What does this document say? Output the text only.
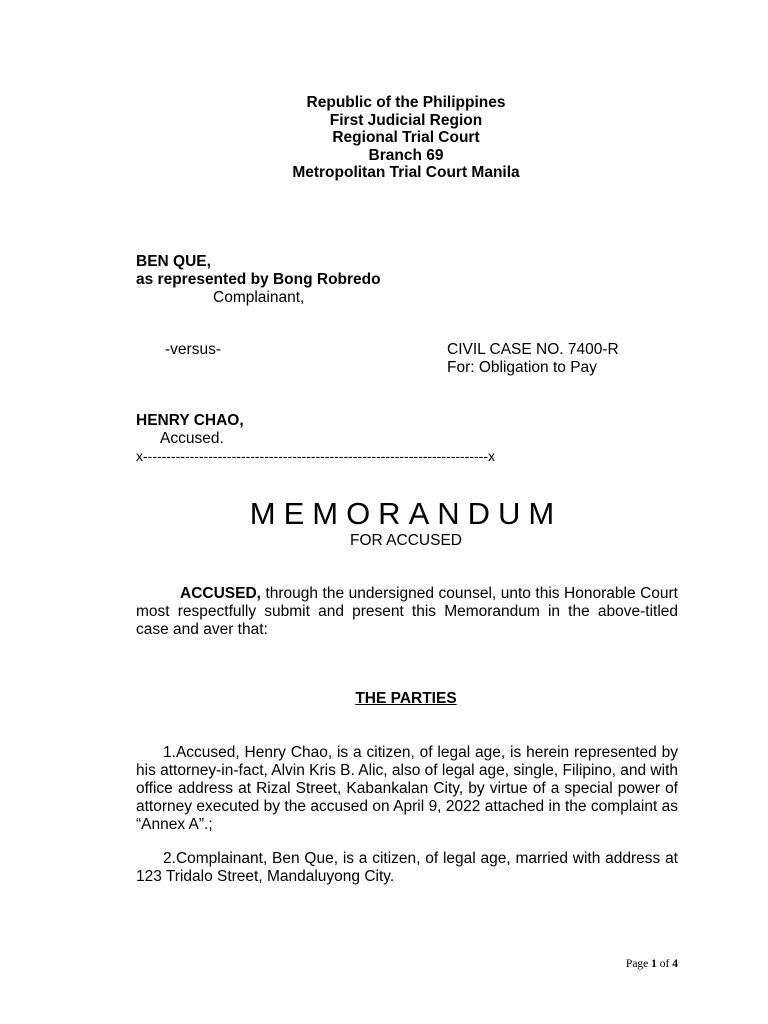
Republic of the Philippines
First Judicial Region
Regional Trial Court
Branch 69
Metropolitan Trial Court Manila
BEN QUE,
as represented by Bong Robredo
Complainant,
-versus-	CIVIL CASE NO. 7400-R
For: Obligation to Pay
HENRY CHAO,
Accused.
x--------------------------------------------------------------------------x
MEMORANDUM
FOR ACCUSED
ACCUSED, through the undersigned counsel, unto this Honorable Court most respectfully submit and present this Memorandum in the above-titled case and aver that:
THE PARTIES
1.Accused, Henry Chao, is a citizen, of legal age, is herein represented by his attorney-in-fact, Alvin Kris B. Alic, also of legal age, single, Filipino, and with office address at Rizal Street, Kabankalan City, by virtue of a special power of attorney executed by the accused on April 9, 2022 attached in the complaint as “Annex A”.;
2.Complainant, Ben Que, is a citizen, of legal age, married with address at 123 Tridalo Street, Mandaluyong City.
Page 1 of 4
